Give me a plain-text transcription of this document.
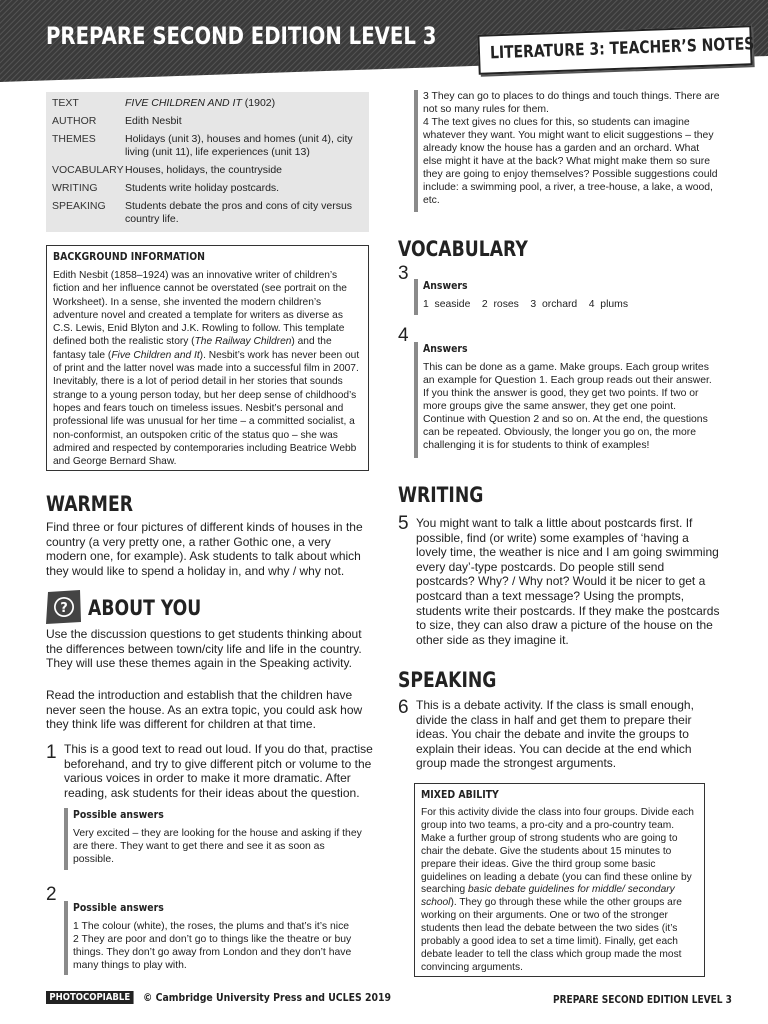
PREPARE SECOND EDITION LEVEL 3	LITERATURE 3: TEACHER’S NOTES
TEXT	FIVE CHILDREN AND IT (1902)
AUTHOR	Edith Nesbit
THEMES	Holidays (unit 3), houses and homes (unit 4), city living (unit 11), life experiences (unit 13)
VOCABULARY Houses, holidays, the countryside
WRITING	Students write holiday postcards.
SPEAKING	Students debate the pros and cons of city versus country life.
BACKGROUND INFORMATION
Edith Nesbit (1858–1924) was an innovative writer of children’s fiction and her influence cannot be overstated (see portrait on the Worksheet). In a sense, she invented the modern children’s adventure novel and created a template for writers as diverse as C.S. Lewis, Enid Blyton and J.K. Rowling to follow. This template defined both the realistic story (The Railway Children) and the fantasy tale (Five Children and It). Nesbit’s work has never been out of print and the latter novel was made into a successful film in 2007. Inevitably, there is a lot of period detail in her stories that sounds strange to a young person today, but her deep sense of childhood’s hopes and fears touch on timeless issues. Nesbit’s personal and professional life was unusual for her time – a committed socialist, a non-conformist, an outspoken critic of the status quo – she was admired and respected by contemporaries including Beatrice Webb and George Bernard Shaw.
WARMER
Find three or four pictures of different kinds of houses in the country (a very pretty one, a rather Gothic one, a very modern one, for example). Ask students to talk about which they would like to spend a holiday in, and why / why not.
? ABOUT YOU
Use the discussion questions to get students thinking about the differences between town/city life and life in the country. They will use these themes again in the Speaking activity.
Read the introduction and establish that the children have never seen the house. As an extra topic, you could ask how they think life was different for children at that time.
1 This is a good text to read out loud. If you do that, practise beforehand, and try to give different pitch or volume to the various voices in order to make it more dramatic. After reading, ask students for their ideas about the question.
Possible answers
Very excited – they are looking for the house and asking if they are there. They want to get there and see it as soon as possible.
2
Possible answers
1 The colour (white), the roses, the plums and that’s it’s nice
2 They are poor and don’t go to things like the theatre or buy things. They don’t go away from London and they don’t have many things to play with.
3 They can go to places to do things and touch things. There are not so many rules for them.
4 The text gives no clues for this, so students can imagine whatever they want. You might want to elicit suggestions – they already know the house has a garden and an orchard. What else might it have at the back? What might make them so sure they are going to enjoy themselves? Possible suggestions could include: a swimming pool, a river, a tree-house, a lake, a wood, etc.
VOCABULARY
3
Answers
1  seaside    2  roses    3  orchard    4  plums
4
Answers
This can be done as a game. Make groups. Each group writes an example for Question 1. Each group reads out their answer. If you think the answer is good, they get two points. If two or more groups give the same answer, they get one point. Continue with Question 2 and so on. At the end, the questions can be repeated. Obviously, the longer you go on, the more challenging it is for students to think of examples!
WRITING
5 You might want to talk a little about postcards first. If possible, find (or write) some examples of ‘having a lovely time, the weather is nice and I am going swimming every day’-type postcards. Do people still send postcards? Why? / Why not? Would it be nicer to get a postcard than a text message? Using the prompts, students write their postcards. If they make the postcards to size, they can also draw a picture of the house on the other side as they imagine it.
SPEAKING
6 This is a debate activity. If the class is small enough, divide the class in half and get them to prepare their ideas. You chair the debate and invite the groups to explain their ideas. You can decide at the end which group made the strongest arguments.
MIXED ABILITY
For this activity divide the class into four groups. Divide each group into two teams, a pro-city and a pro-country team. Make a further group of strong students who are going to chair the debate. Give the students about 15 minutes to prepare their ideas. Give the third group some basic guidelines on leading a debate (you can find these online by searching basic debate guidelines for middle/ secondary school). They go through these while the other groups are working on their arguments. One or two of the stronger students then lead the debate between the two sides (it’s probably a good idea to set a time limit). Finally, get each debate leader to tell the class which group made the most convincing arguments.
PHOTOCOPIABLE	© Cambridge University Press and UCLES 2019	PREPARE SECOND EDITION LEVEL 3
